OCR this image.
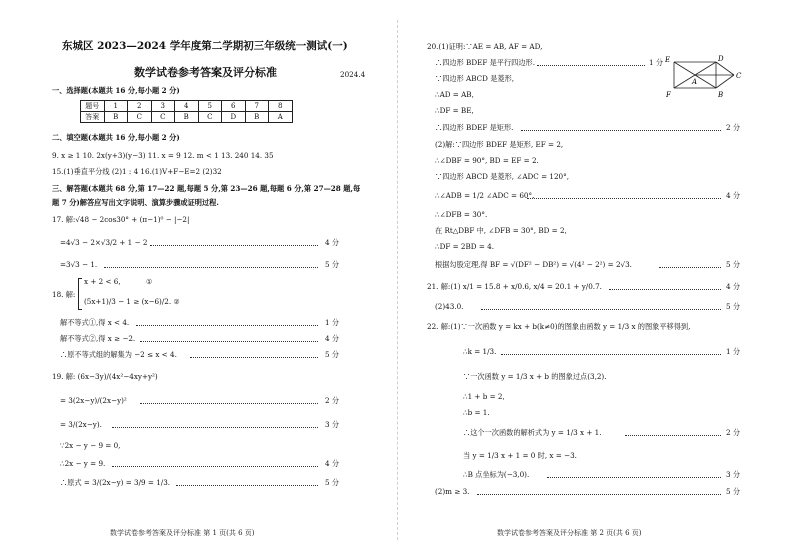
东城区 2023—2024 学年度第二学期初三年级统一测试(一)
数学试卷参考答案及评分标准	2024.4
一、选择题(本题共 16 分,每小题 2 分)
题号	1	2	3	4	5	6	7	8
答案	B	C	C	B	C	D	B	A
二、填空题(本题共 16 分,每小题 2 分)
9. x ≥ 1 10. 2x(y+3)(y−3) 11. x = 9 12. m < 1 13. 240 14. 35
15.(1)垂直平分线 (2)1 : 4 16.(1)V+F−E=2 (2)32
三、解答题(本题共 68 分,第 17—22 题,每题 5 分,第 23—26 题,每题 6 分,第 27—28 题,每
题 7 分)解答应写出文字说明、演算步骤或证明过程.
17. 解:√48 − 2cos30° + (π−1)⁰ − |−2|
=4√3 − 2×√3/2 + 1 − 2	4 分
=3√3 − 1.	5 分
18. 解:
x + 2 < 6,	①
(5x+1)/3 − 1 ≥ (x−6)/2. ②
解不等式①,得 x < 4.	1 分
解不等式②,得 x ≥ −2.	4 分
∴原不等式组的解集为 −2 ≤ x < 4.	5 分
19. 解: (6x−3y)/(4x²−4xy+y²)
= 3(2x−y)/(2x−y)²	2 分
= 3/(2x−y).	3 分
∵2x − y − 9 = 0,
∴2x − y = 9.	4 分
∴原式 = 3/(2x−y) = 3/9 = 1/3.	5 分
数学试卷参考答案及评分标准 第 1 页(共 6 页)
20.(1)证明:∵AE = AB, AF = AD,
∴四边形 BDEF 是平行四边形.	1 分 E	D
C
A
F	B
∵四边形 ABCD 是菱形,
∴AD = AB,
∴DF = BE,
∴四边形 BDEF 是矩形.	2 分
(2)解:∵四边形 BDEF 是矩形, EF = 2,
∴∠DBF = 90°, BD = EF = 2.
∵四边形 ABCD 是菱形, ∠ADC = 120°,
∴∠ADB = 1/2 ∠ADC = 60°.	4 分
∴∠DFB = 30°.
在 Rt△DBF 中, ∠DFB = 30°, BD = 2,
∴DF = 2BD = 4.
根据勾股定理,得 BF = √(DF² − DB²) = √(4² − 2²) = 2√3.	5 分
21. 解:(1) x/1 = 15.8 + x/0.6, x/4 = 20.1 + y/0.7.	4 分
(2)43.0.	5 分
22. 解:(1)∵一次函数 y = kx + b(k≠0)的图象由函数 y = 1/3 x 的图象平移得到,
∴k = 1/3.	1 分
∵一次函数 y = 1/3 x + b 的图象过点(3,2).
∴1 + b = 2,
∴b = 1.
∴这个一次函数的解析式为 y = 1/3 x + 1.	2 分
当 y = 1/3 x + 1 = 0 时, x = −3.
∴B 点坐标为(−3,0).	3 分
(2)m ≥ 3.	5 分
数学试卷参考答案及评分标准 第 2 页(共 6 页)
